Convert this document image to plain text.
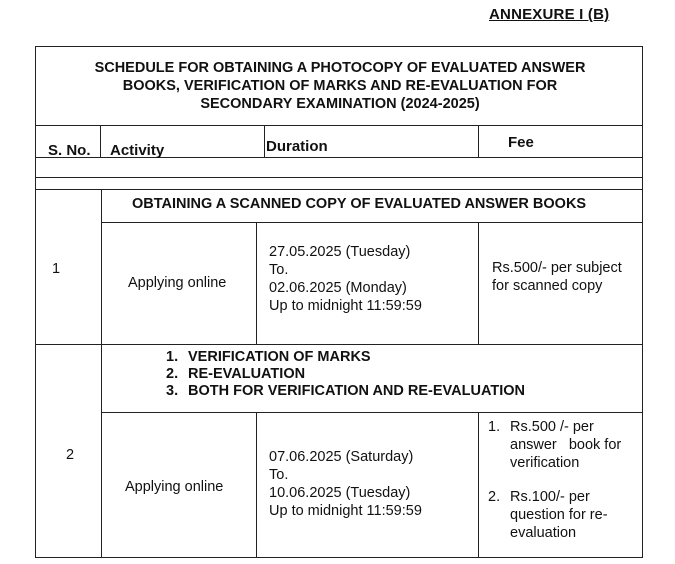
ANNEXURE I (B)
SCHEDULE FOR OBTAINING A PHOTOCOPY OF EVALUATED ANSWER
BOOKS, VERIFICATION OF MARKS AND RE-EVALUATION FOR
SECONDARY EXAMINATION (2024-2025)
S. No. Activity	Duration	Fee
OBTAINING A SCANNED COPY OF EVALUATED ANSWER BOOKS
1
Applying online
27.05.2025 (Tuesday)
To.
02.06.2025 (Monday)
Up to midnight 11:59:59
Rs.500/- per subject
for scanned copy
1. VERIFICATION OF MARKS
2. RE-EVALUATION
3. BOTH FOR VERIFICATION AND RE-EVALUATION
2
Applying online
07.06.2025 (Saturday)
To.
10.06.2025 (Tuesday)
Up to midnight 11:59:59
1. Rs.500 /- per
answer   book for
verification
2. Rs.100/- per
question for re-
evaluation
